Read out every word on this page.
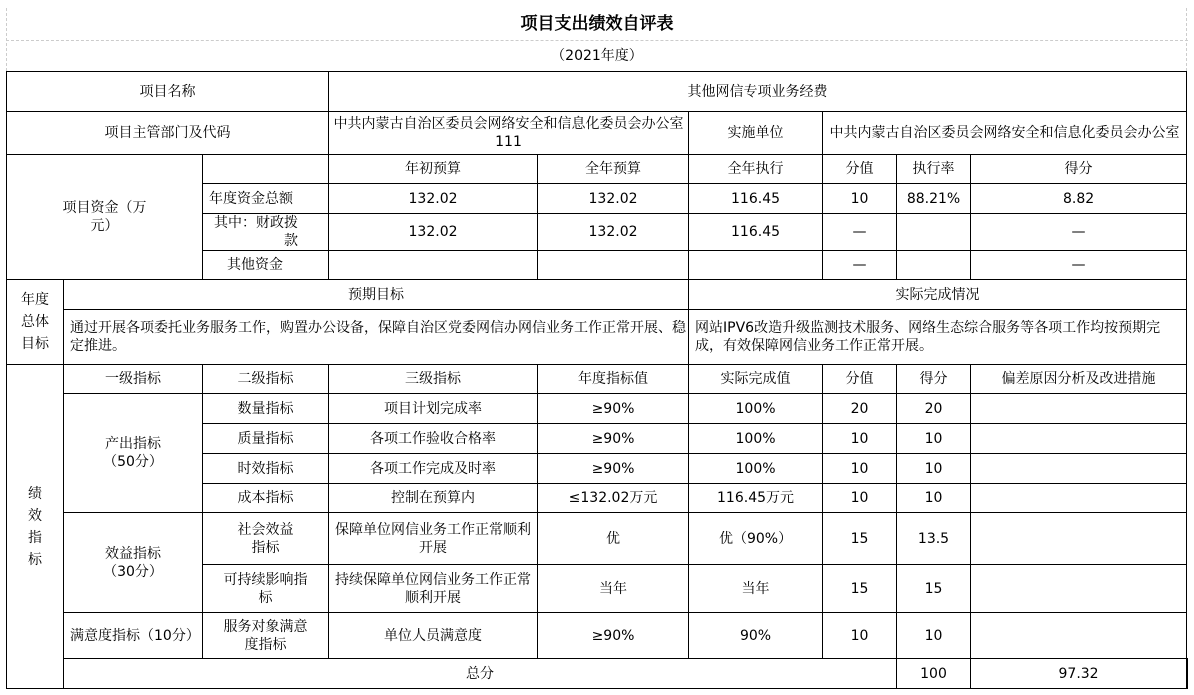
项目支出绩效自评表
（2021年度）
项目名称			其他网信专项业务经费						
项目主管部门及代码			中共内蒙古自治区委员会网络安全和信息化委员会办公室 111		实施单位	中共内蒙古自治区委员会网络安全和信息化委员会办公室			
项目资金（万元）			年初预算	全年预算	全年执行	分值	执行率	得分	
		年度资金总额	132.02	132.02	116.45	10	88.21%	8.82	
		其中：财政拨款	132.02	132.02	116.45	—		—	
		其他资金				—		—	
年度总体目标	预期目标				实际完成情况				
	通过开展各项委托业务服务工作，购置办公设备，保障自治区党委网信办网信业务工作正常开展、稳定推进。				网站IPV6改造升级监测技术服务、网络生态综合服务等各项工作均按预期完成，有效保障网信业务工作正常开展。				
绩效指标	一级指标	二级指标	三级指标	年度指标值	实际完成值	分值	得分	偏差原因分析及改进措施	
	产出指标（50分）	数量指标	项目计划完成率	≥90%	100%	20	20		
		质量指标	各项工作验收合格率	≥90%	100%	10	10		
		时效指标	各项工作完成及时率	≥90%	100%	10	10		
		成本指标	控制在预算内	≤132.02万元	116.45万元	10	10		
	效益指标（30分）	社会效益指标	保障单位网信业务工作正常顺利开展	优	优（90%）	15	13.5		
		可持续影响指标	持续保障单位网信业务工作正常顺利开展	当年	当年	15	15		
	满意度指标（10分）	服务对象满意度指标	单位人员满意度	≥90%	90%	10	10		
	总分						100	97.32	
